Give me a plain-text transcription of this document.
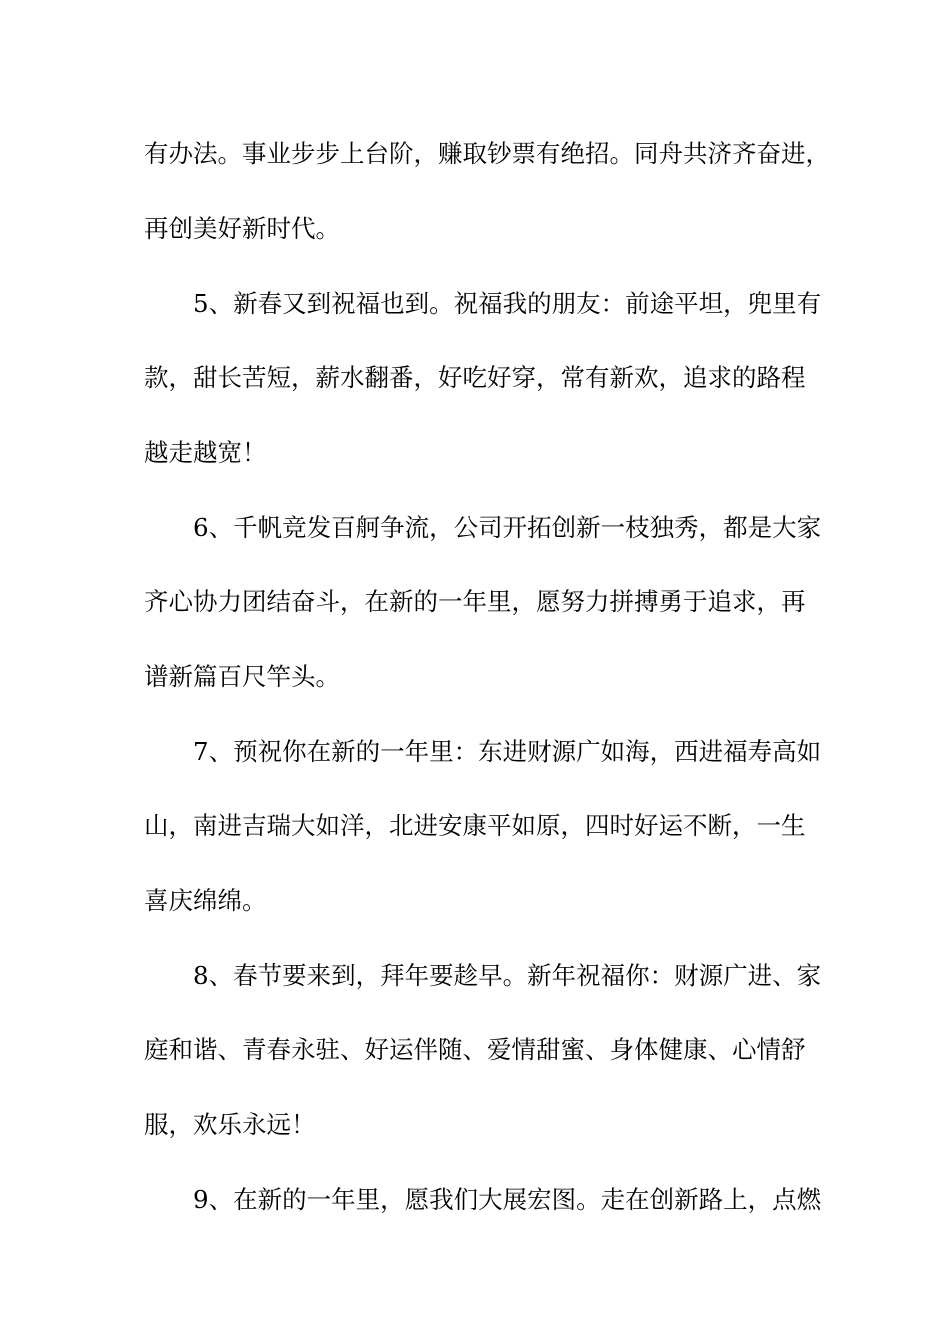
有办法。事业步步上台阶，赚取钞票有绝招。同舟共济齐奋进，
再创美好新时代。
5、新春又到祝福也到。祝福我的朋友：前途平坦，兜里有
款，甜长苦短，薪水翻番，好吃好穿，常有新欢，追求的路程
越走越宽！
6、千帆竞发百舸争流，公司开拓创新一枝独秀，都是大家
齐心协力团结奋斗，在新的一年里，愿努力拼搏勇于追求，再
谱新篇百尺竿头。
7、预祝你在新的一年里：东进财源广如海，西进福寿高如
山，南进吉瑞大如洋，北进安康平如原，四时好运不断，一生
喜庆绵绵。
8、春节要来到，拜年要趁早。新年祝福你：财源广进、家
庭和谐、青春永驻、好运伴随、爱情甜蜜、身体健康、心情舒
服，欢乐永远！
9、在新的一年里，愿我们大展宏图。走在创新路上，点燃
